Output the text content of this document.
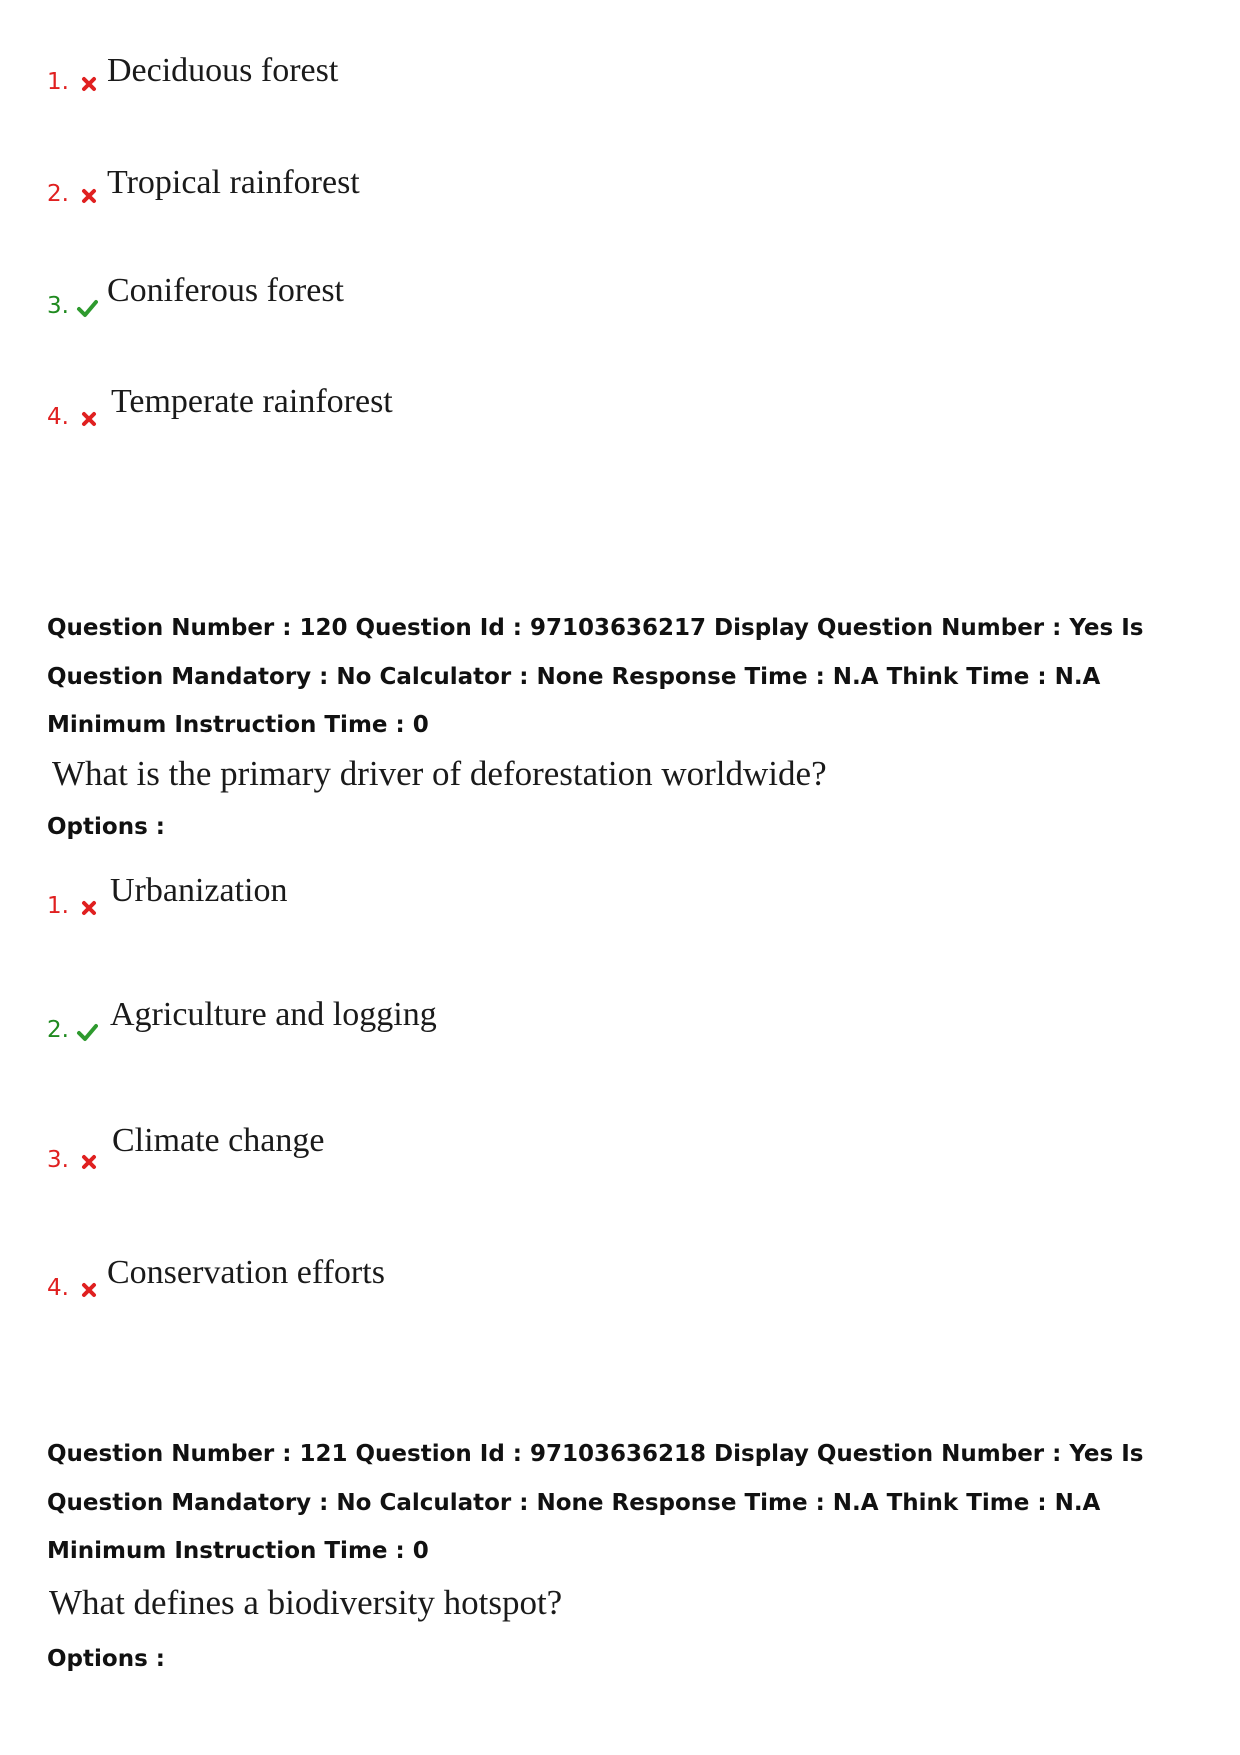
1. Deciduous forest
2. Tropical rainforest
3. Coniferous forest
4. Temperate rainforest

Question Number : 120 Question Id : 97103636217 Display Question Number : Yes Is Question Mandatory : No Calculator : None Response Time : N.A Think Time : N.A Minimum Instruction Time : 0

What is the primary driver of deforestation worldwide?
Options :
1. Urbanization
2. Agriculture and logging
3.
Climate change
4. Conservation efforts

Question Number : 121 Question Id : 97103636218 Display Question Number : Yes Is Question Mandatory : No Calculator : None Response Time : N.A Think Time : N.A Minimum Instruction Time : 0

What defines a biodiversity hotspot?
Options :
